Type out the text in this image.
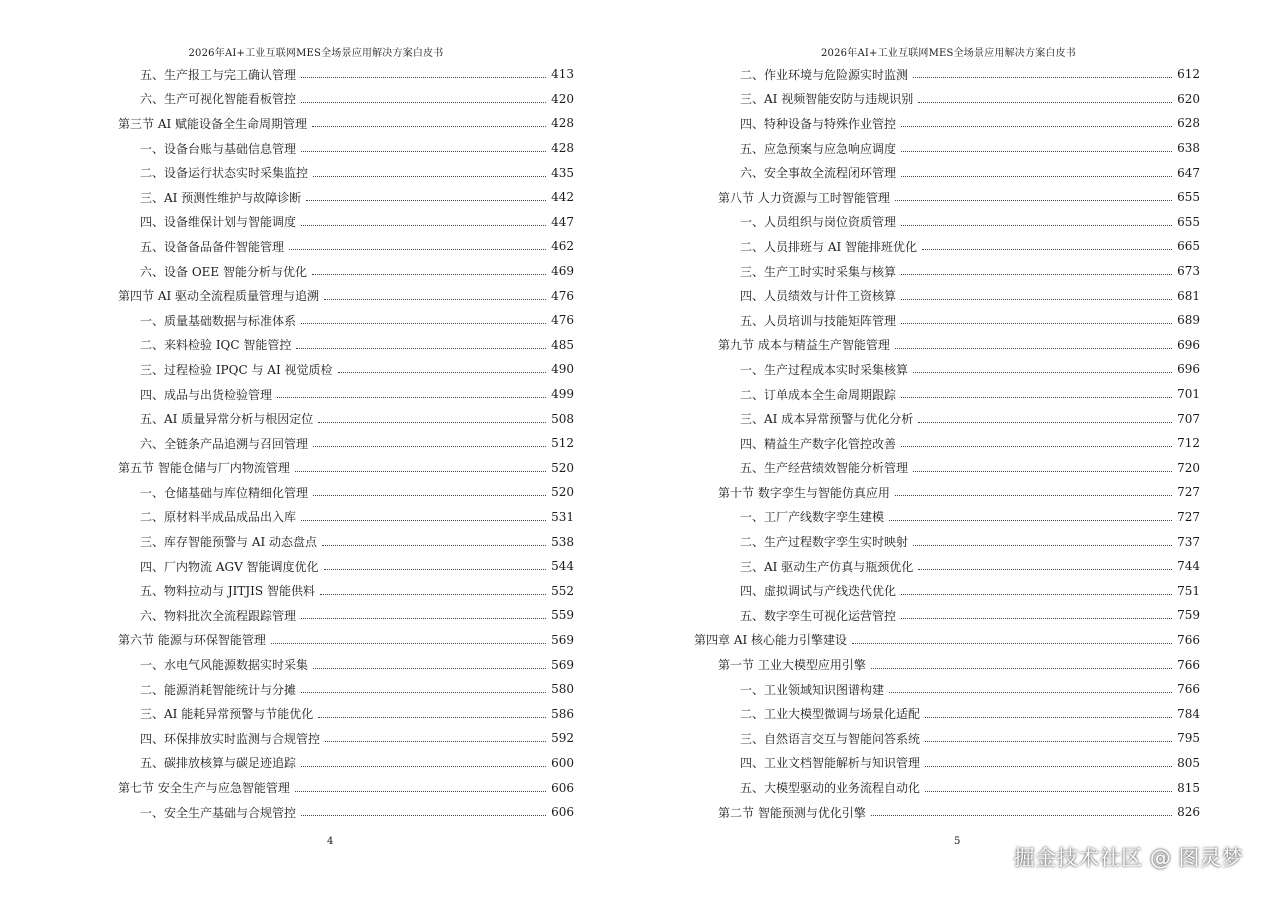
2026年AI+工业互联网MES全场景应用解决方案白皮书
五、生产报工与完工确认管理	413
六、生产可视化智能看板管控	420
第三节 AI 赋能设备全生命周期管理	428
一、设备台账与基础信息管理	428
二、设备运行状态实时采集监控	435
三、AI 预测性维护与故障诊断	442
四、设备维保计划与智能调度	447
五、设备备品备件智能管理	462
六、设备 OEE 智能分析与优化	469
第四节 AI 驱动全流程质量管理与追溯	476
一、质量基础数据与标准体系	476
二、来料检验 IQC 智能管控	485
三、过程检验 IPQC 与 AI 视觉质检	490
四、成品与出货检验管理	499
五、AI 质量异常分析与根因定位	508
六、全链条产品追溯与召回管理	512
第五节 智能仓储与厂内物流管理	520
一、仓储基础与库位精细化管理	520
二、原材料半成品成品出入库	531
三、库存智能预警与 AI 动态盘点	538
四、厂内物流 AGV 智能调度优化	544
五、物料拉动与 JITJIS 智能供料	552
六、物料批次全流程跟踪管理	559
第六节 能源与环保智能管理	569
一、水电气风能源数据实时采集	569
二、能源消耗智能统计与分摊	580
三、AI 能耗异常预警与节能优化	586
四、环保排放实时监测与合规管控	592
五、碳排放核算与碳足迹追踪	600
第七节 安全生产与应急智能管理	606
一、安全生产基础与合规管控	606
4
2026年AI+工业互联网MES全场景应用解决方案白皮书
二、作业环境与危险源实时监测	612
三、AI 视频智能安防与违规识别	620
四、特种设备与特殊作业管控	628
五、应急预案与应急响应调度	638
六、安全事故全流程闭环管理	647
第八节 人力资源与工时智能管理	655
一、人员组织与岗位资质管理	655
二、人员排班与 AI 智能排班优化	665
三、生产工时实时采集与核算	673
四、人员绩效与计件工资核算	681
五、人员培训与技能矩阵管理	689
第九节 成本与精益生产智能管理	696
一、生产过程成本实时采集核算	696
二、订单成本全生命周期跟踪	701
三、AI 成本异常预警与优化分析	707
四、精益生产数字化管控改善	712
五、生产经营绩效智能分析管理	720
第十节 数字孪生与智能仿真应用	727
一、工厂产线数字孪生建模	727
二、生产过程数字孪生实时映射	737
三、AI 驱动生产仿真与瓶颈优化	744
四、虚拟调试与产线迭代优化	751
五、数字孪生可视化运营管控	759
第四章 AI 核心能力引擎建设	766
第一节 工业大模型应用引擎	766
一、工业领域知识图谱构建	766
二、工业大模型微调与场景化适配	784
三、自然语言交互与智能问答系统	795
四、工业文档智能解析与知识管理	805
五、大模型驱动的业务流程自动化	815
第二节 智能预测与优化引擎	826
5
掘金技术社区 @ 图灵梦
